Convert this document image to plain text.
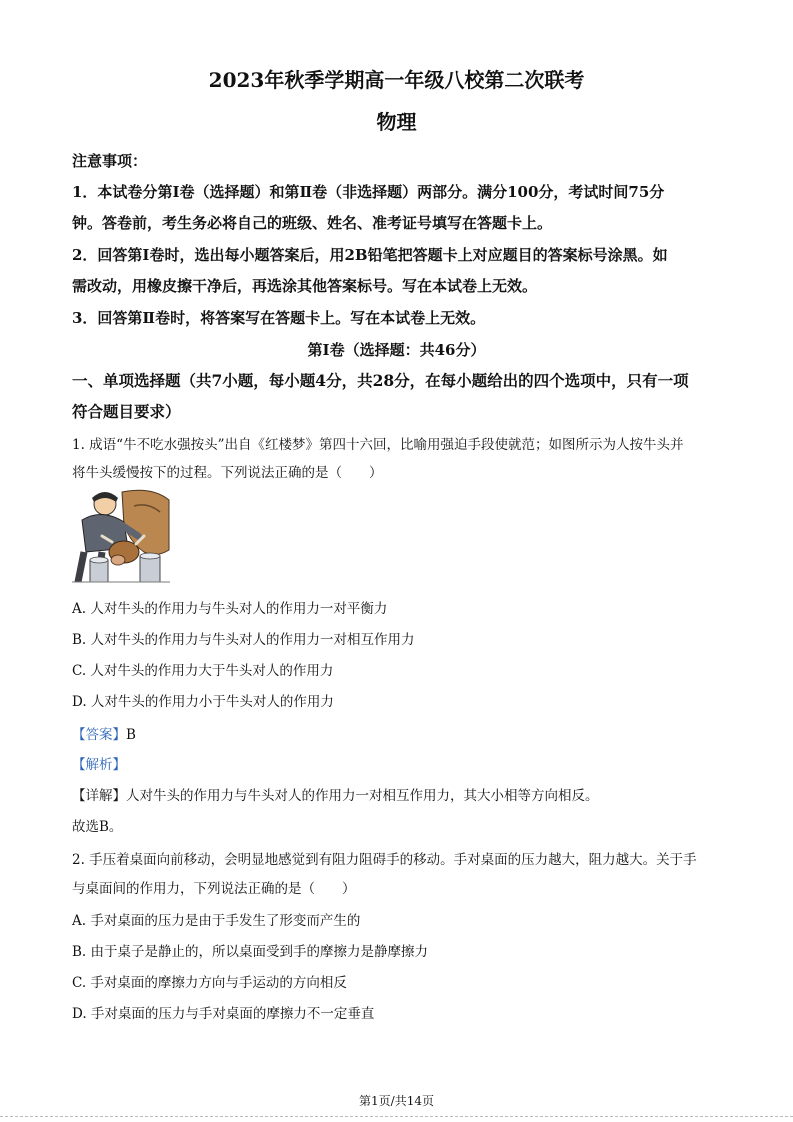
2023年秋季学期高一年级八校第二次联考
物理
注意事项：
1．本试卷分第Ⅰ卷（选择题）和第Ⅱ卷（非选择题）两部分。满分100分，考试时间75分
钟。答卷前，考生务必将自己的班级、姓名、准考证号填写在答题卡上。
2．回答第Ⅰ卷时，选出每小题答案后，用2B铅笔把答题卡上对应题目的答案标号涂黑。如
需改动，用橡皮擦干净后，再选涂其他答案标号。写在本试卷上无效。
3．回答第Ⅱ卷时，将答案写在答题卡上。写在本试卷上无效。
第Ⅰ卷（选择题：共46分）
一、单项选择题（共7小题，每小题4分，共28分，在每小题给出的四个选项中，只有一项
符合题目要求）
1. 成语“牛不吃水强按头”出自《红楼梦》第四十六回，比喻用强迫手段使就范；如图所示为人按牛头并
将牛头缓慢按下的过程。下列说法正确的是（　　）
A. 人对牛头的作用力与牛头对人的作用力一对平衡力
B. 人对牛头的作用力与牛头对人的作用力一对相互作用力
C. 人对牛头的作用力大于牛头对人的作用力
D. 人对牛头的作用力小于牛头对人的作用力
【答案】B
【解析】
【详解】人对牛头的作用力与牛头对人的作用力一对相互作用力，其大小相等方向相反。
故选B。
2. 手压着桌面向前移动，会明显地感觉到有阻力阻碍手的移动。手对桌面的压力越大，阻力越大。关于手
与桌面间的作用力，下列说法正确的是（　　）
A. 手对桌面的压力是由于手发生了形变而产生的
B. 由于桌子是静止的，所以桌面受到手的摩擦力是静摩擦力
C. 手对桌面的摩擦力方向与手运动的方向相反
D. 手对桌面的压力与手对桌面的摩擦力不一定垂直
第1页/共14页
